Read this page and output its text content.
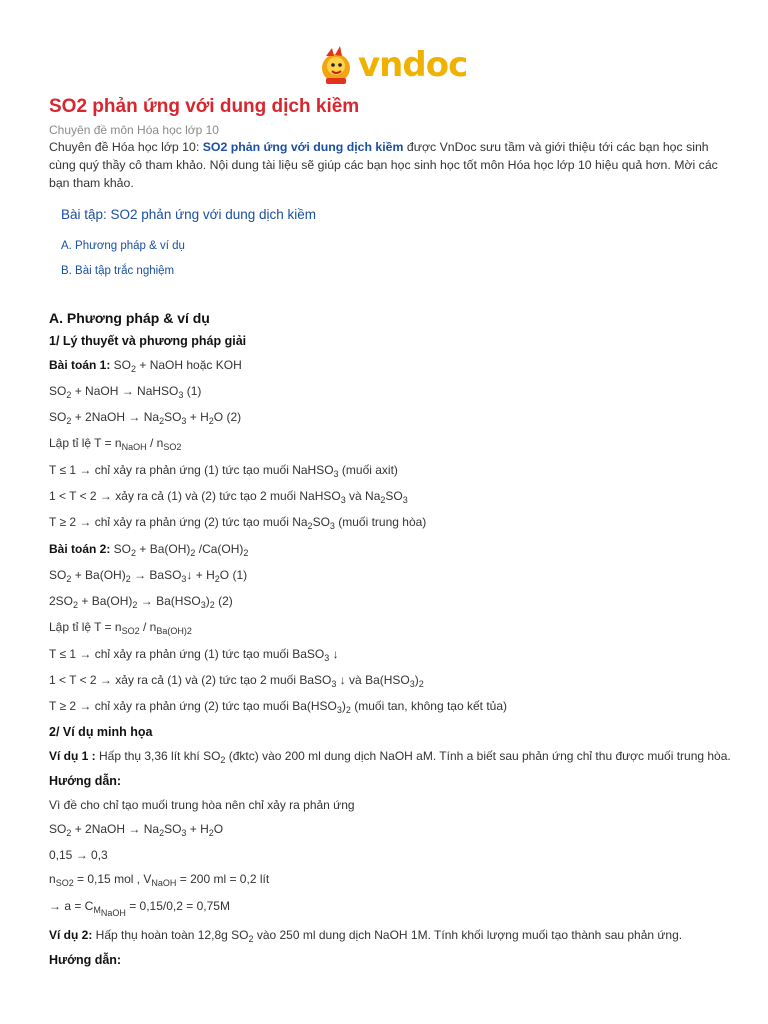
vndoc
SO2 phản ứng với dung dịch kiềm
Chuyên đề môn Hóa học lớp 10
Chuyên đề Hóa học lớp 10: SO2 phản ứng với dung dịch kiềm được VnDoc sưu tầm và giới thiệu tới các bạn học sinh cùng quý thầy cô tham khảo. Nội dung tài liệu sẽ giúp các bạn học sinh học tốt môn Hóa học lớp 10 hiệu quả hơn. Mời các bạn tham khảo.
Bài tập: SO2 phản ứng với dung dịch kiềm
A. Phương pháp & ví dụ
B. Bài tập trắc nghiệm
A. Phương pháp & ví dụ
1/ Lý thuyết và phương pháp giải
Bài toán 1: $SO_2$ + NaOH hoặc KOH
$SO_2$ + NaOH → NaHSO$_3$ (1)
$SO_2$ + 2NaOH → $Na_2SO_3 + H_2O$ (2)
Lập tỉ lệ $T = n_{NaOH} / n_{SO2}$
T ≤ 1 → chỉ xảy ra phản ứng (1) tức tạo muối NaHSO$_3$ (muối axit)
1 < T < 2 → xảy ra cả (1) và (2) tức tạo 2 muối NaHSO$_3$ và $Na_2SO_3$
T ≥ 2 → chỉ xảy ra phản ứng (2) tức tạo muối $Na_2SO_3$ (muối trung hòa)
Bài toán 2: $SO_2 + Ba(OH)_2$ $/Ca(OH)_2$
$SO_2 + Ba(OH)_2$ → BaSO$_3$↓ + $H_2O$ (1)
$2SO_2 + Ba(OH)_2 \to Ba(HSO_3)_2$ (2)
Lập tỉ lệ $T = n_{SO2} / n_{Ba(OH)2}$
T ≤ 1 → chỉ xảy ra phản ứng (1) tức tạo muối BaSO$_3$ ↓
1 < T < 2 → xảy ra cả (1) và (2) tức tạo 2 muối BaSO$_3$ ↓ và $Ba(HSO_3)_2$
T ≥ 2 → chỉ xảy ra phản ứng (2) tức tạo muối $Ba(HSO_3)_2$ (muối tan, không tạo kết tủa)
2/ Ví dụ minh họa
Ví dụ 1 : Hấp thụ 3,36 lít khí $SO_2$ (đktc) vào 200 ml dung dịch NaOH aM. Tính a biết sau phản ứng chỉ thu được muối trung hòa.
Hướng dẫn:
Vì đề cho chỉ tạo muối trung hòa nên chỉ xảy ra phản ứng
$SO_2$ + 2NaOH → $Na_2SO_3 + H_2O$
0,15 → 0,3
$n_{SO2} = 0,15$ mol , $V_{NaOH} = 200$ ml = 0,2 lít
→ $a = C_{M_{NaOH}} = 0,15/0,2 = 0,75M$
Ví dụ 2: Hấp thụ hoàn toàn 12,8g $SO_2$ vào 250 ml dung dịch NaOH 1M. Tính khối lượng muối tạo thành sau phản ứng.
Hướng dẫn:
